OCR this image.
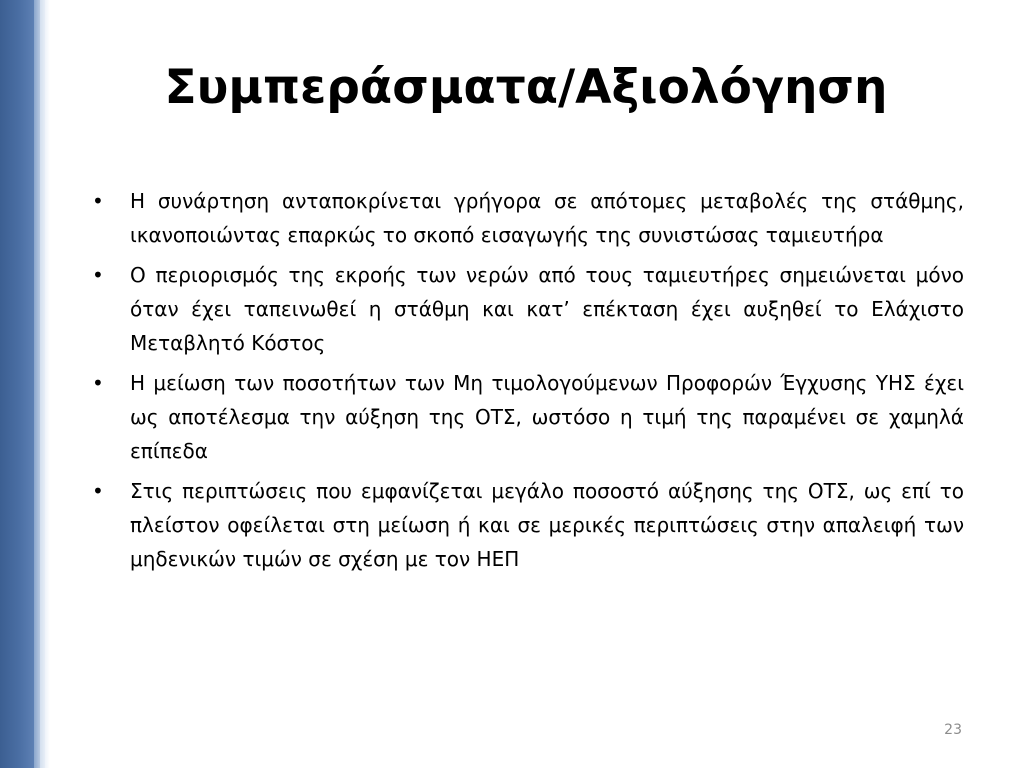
Συμπεράσματα/Αξιολόγηση
•	Η συνάρτηση ανταποκρίνεται γρήγορα σε απότομες μεταβολές της στάθμης, ικανοποιώντας επαρκώς το σκοπό εισαγωγής της συνιστώσας ταμιευτήρα
•	Ο περιορισμός της εκροής των νερών από τους ταμιευτήρες σημειώνεται μόνο όταν έχει ταπεινωθεί η στάθμη και κατ’ επέκταση έχει αυξηθεί το Ελάχιστο Μεταβλητό Κόστος
•	Η μείωση των ποσοτήτων των Μη τιμολογούμενων Προφορών Έγχυσης ΥΗΣ έχει ως αποτέλεσμα την αύξηση της ΟΤΣ, ωστόσο η τιμή της παραμένει σε χαμηλά επίπεδα
•	Στις περιπτώσεις που εμφανίζεται μεγάλο ποσοστό αύξησης της ΟΤΣ, ως επί το πλείστον οφείλεται στη μείωση ή και σε μερικές περιπτώσεις στην απαλειφή των μηδενικών τιμών σε σχέση με τον ΗΕΠ
23
